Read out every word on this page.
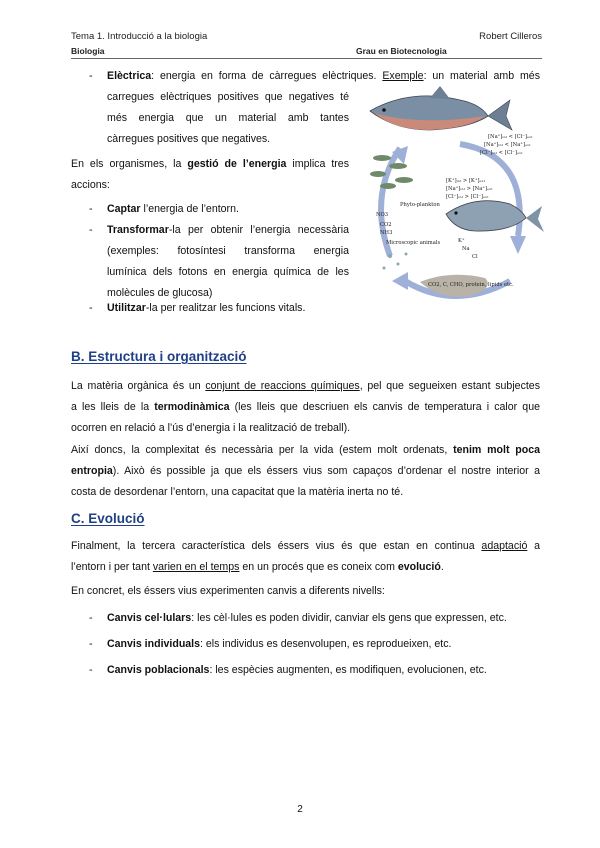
Tema 1. Introducció a la biologia	Robert Cilleros
Biologia	Grau en Biotecnologia
- Elèctrica: energia en forma de càrregues elèctriques. Exemple: un material amb més
carregues elèctriques positives que negatives té
més energia que un material amb tantes
càrregues positives que negatives.
En els organismes, la gestió de l’energia implica tres
accions:
- Captar l’energia de l’entorn.
- Transformar-la per obtenir l’energia necessària
(exemples: fotosíntesi transforma energia
lumínica dels fotons en energia química de les
molècules de glucosa)
- Utilitzar-la per realitzar les funcions vitals.
[Na⁺]ᵢₙₜ < [Cl⁻]ₑₓₜ
[Na⁺]ᵢₙₜ < [Na⁺]ₑₓₜ
[Cl⁻]ᵢₙₜ < [Cl⁻]ₑₓₜ
[K⁺]ᵢₙₜ > [K⁺]ₑₓₜ
[Na⁺]ᵢₙₜ > [Na⁺]ₑₓₜ
[Cl⁻]ᵢₙₜ > [Cl⁻]ₑₓₜ
Phyto-plankton
NO3
CO2
NH3
K⁺
Na
Cl
Microscopic animals
CO2, C, CHO, protein, lipids etc.
B. Estructura i organització
La matèria orgànica és un conjunt de reaccions químiques, pel que segueixen estant subjectes
a les lleis de la termodinàmica (les lleis que descriuen els canvis de temperatura i calor que
ocorren en relació a l’ús d’energia i la realització de treball).
Així doncs, la complexitat és necessària per la vida (estem molt ordenats, tenim molt poca
entropia). Això és possible ja que els éssers vius som capaços d’ordenar el nostre interior a
costa de desordenar l’entorn, una capacitat que la matèria inerta no té.
C. Evolució
Finalment, la tercera característica dels éssers vius és que estan en continua adaptació a
l’entorn i per tant varien en el temps en un procés que es coneix com evolució.
En concret, els éssers vius experimenten canvis a diferents nivells:
- Canvis cel·lulars: les cèl·lules es poden dividir, canviar els gens que expressen, etc.
- Canvis individuals: els individus es desenvolupen, es reprodueixen, etc.
- Canvis poblacionals: les espècies augmenten, es modifiquen, evolucionen, etc.
2
